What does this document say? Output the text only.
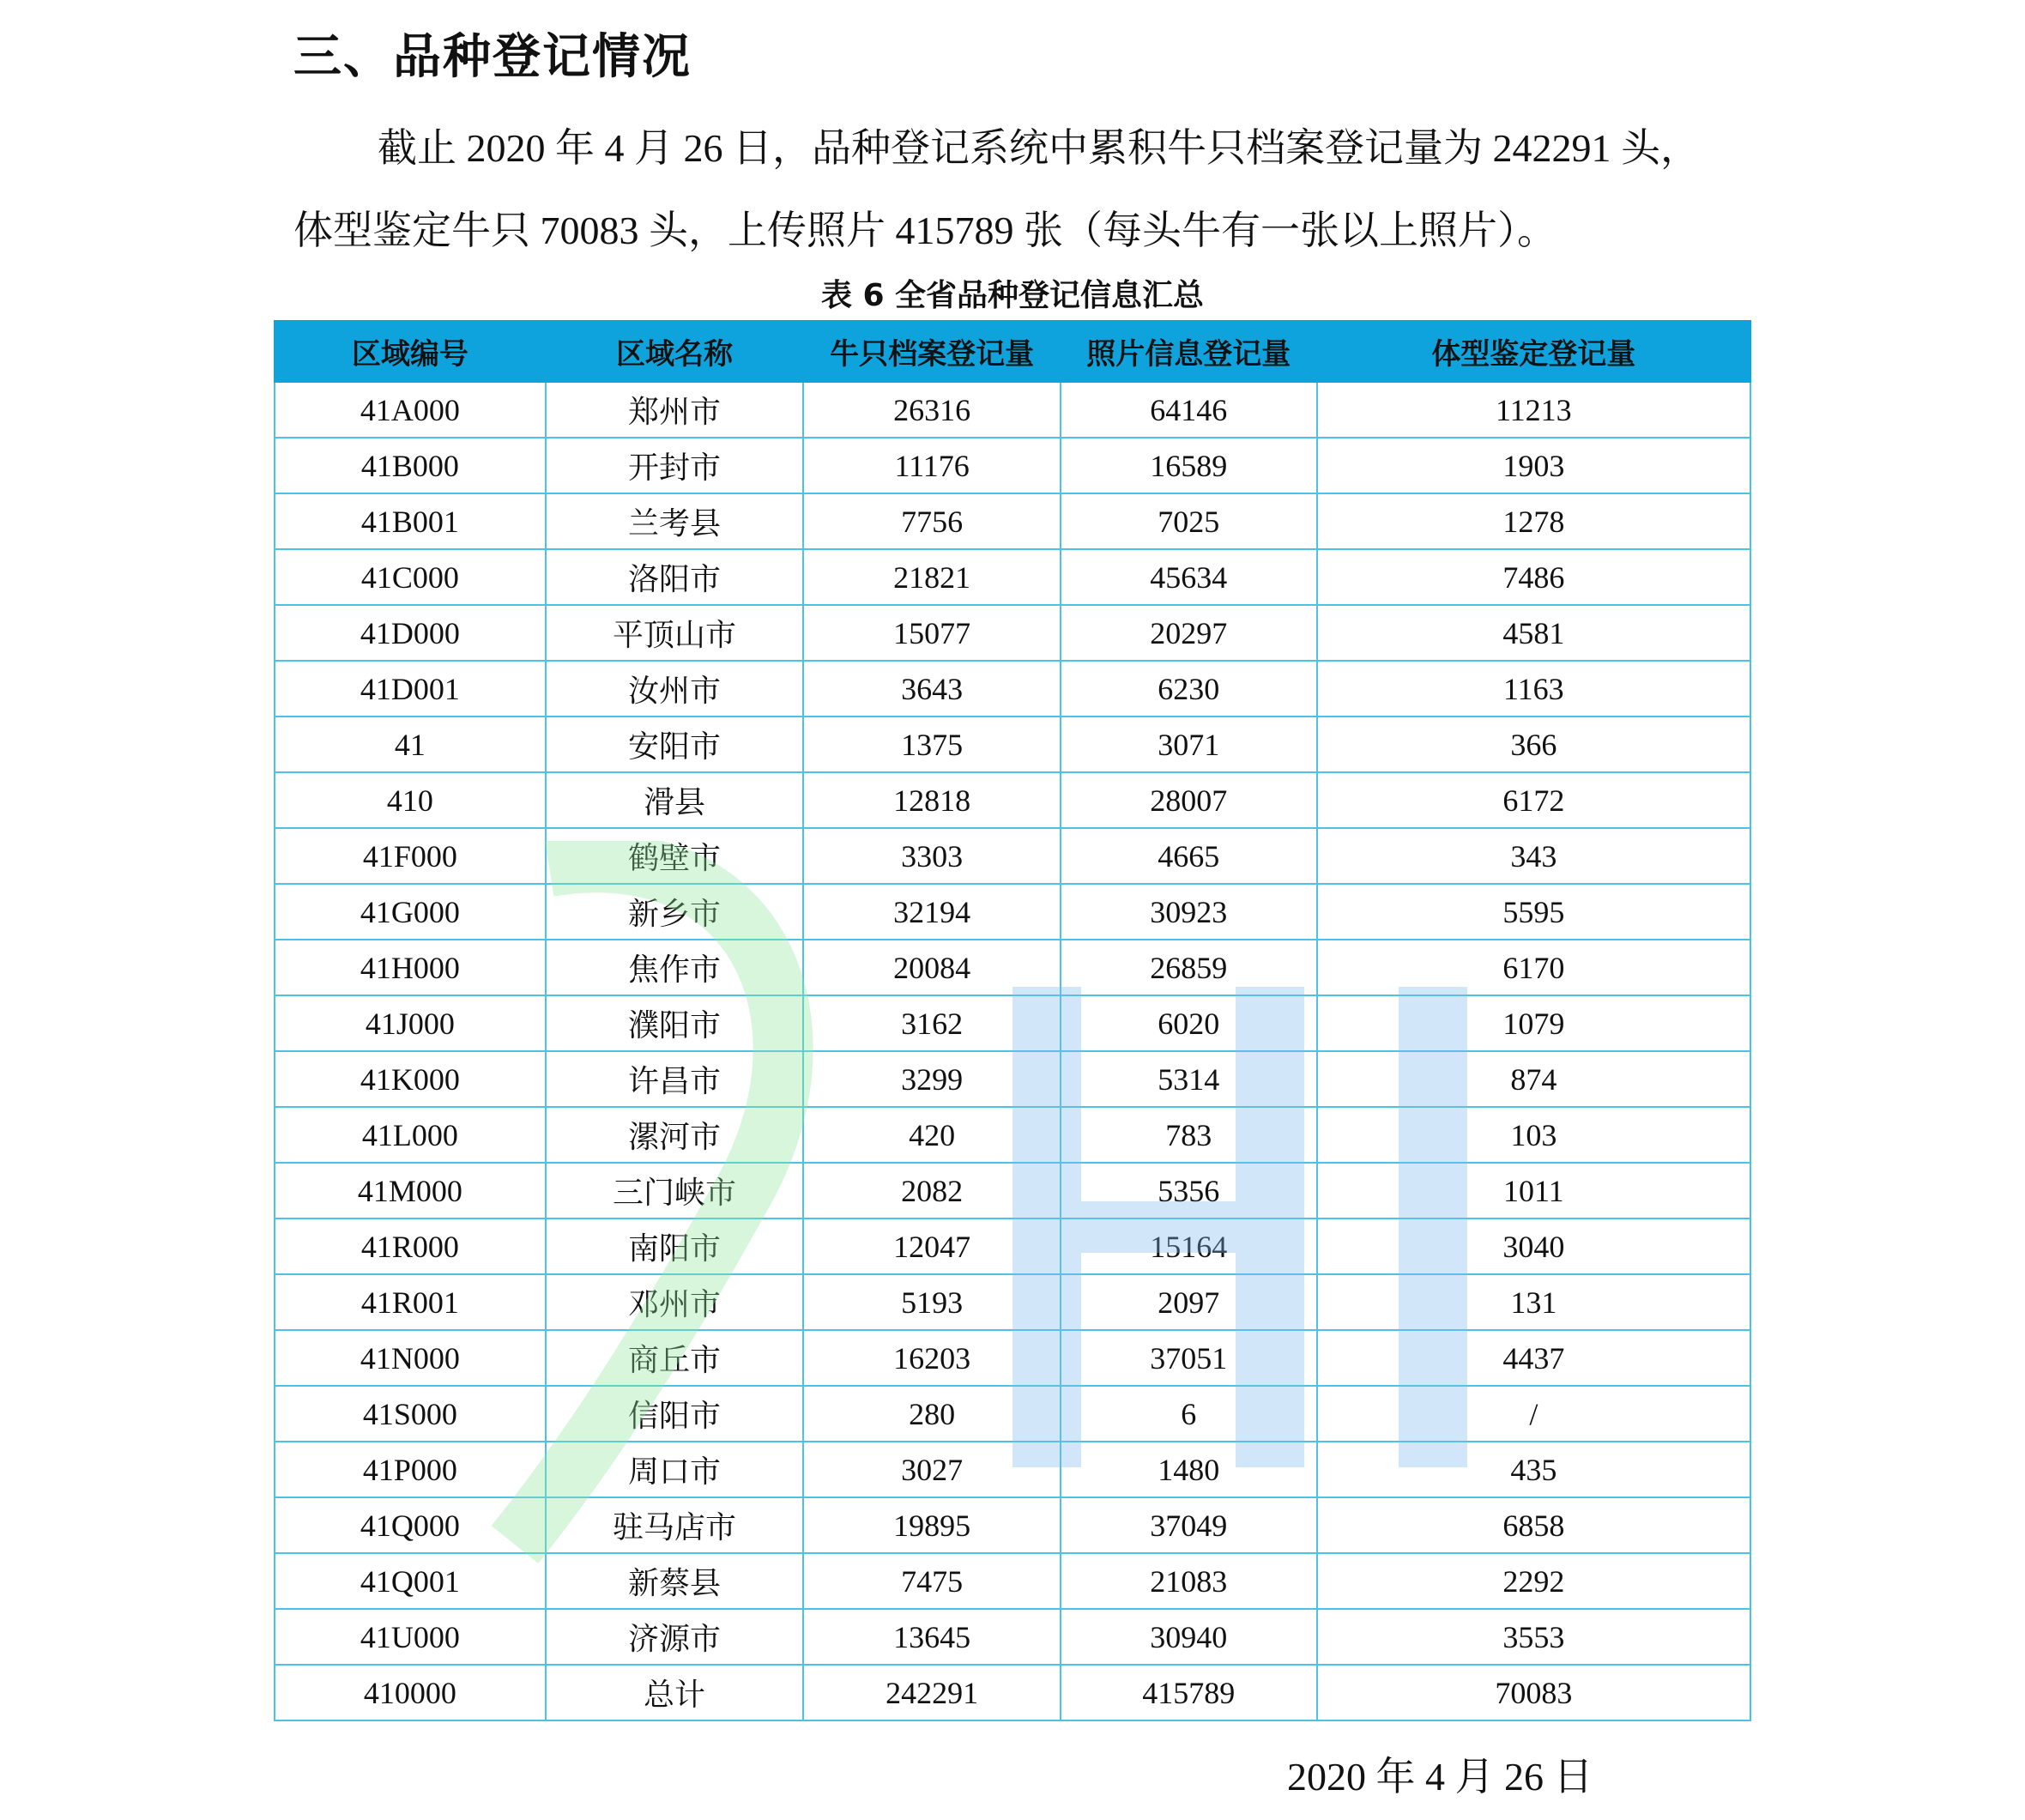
三、品种登记情况
截止 2020 年 4 月 26 日，品种登记系统中累积牛只档案登记量为 242291 头，
体型鉴定牛只 70083 头，上传照片 415789 张（每头牛有一张以上照片）。
表 6 全省品种登记信息汇总
区域编号	区域名称	牛只档案登记量	照片信息登记量	体型鉴定登记量
41A000	郑州市	26316	64146	11213
41B000	开封市	11176	16589	1903
41B001	兰考县	7756	7025	1278
41C000	洛阳市	21821	45634	7486
41D000	平顶山市	15077	20297	4581
41D001	汝州市	3643	6230	1163
41	安阳市	1375	3071	366
410	滑县	12818	28007	6172
41F000	鹤壁市	3303	4665	343
41G000	新乡市	32194	30923	5595
41H000	焦作市	20084	26859	6170
41J000	濮阳市	3162	6020	1079
41K000	许昌市	3299	5314	874
41L000	漯河市	420	783	103
41M000	三门峡市	2082	5356	1011
41R000	南阳市	12047	15164	3040
41R001	邓州市	5193	2097	131
41N000	商丘市	16203	37051	4437
41S000	信阳市	280	6	/
41P000	周口市	3027	1480	435
41Q000	驻马店市	19895	37049	6858
41Q001	新蔡县	7475	21083	2292
41U000	济源市	13645	30940	3553
410000	总计	242291	415789	70083
2020 年 4 月 26 日
